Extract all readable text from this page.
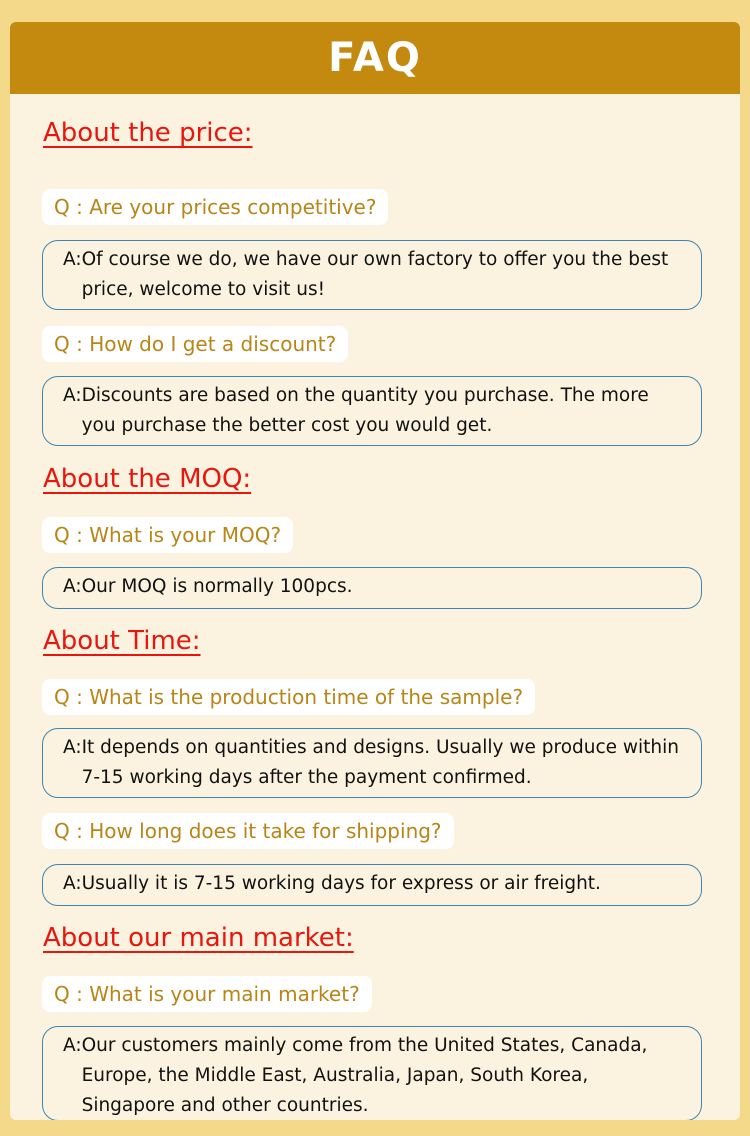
FAQ
About the price:
Q : Are your prices competitive?
A: Of course we do, we have our own factory to offer you the best price, welcome to visit us!
Q : How do I get a discount?
A: Discounts are based on the quantity you purchase. The more you purchase the better cost you would get.
About the MOQ:
Q : What is your MOQ?
A: Our MOQ is normally 100pcs.
About Time:
Q : What is the production time of the sample?
A: It depends on quantities and designs. Usually we produce within 7-15 working days after the payment confirmed.
Q : How long does it take for shipping?
A: Usually it is 7-15 working days for express or air freight.
About our main market:
Q : What is your main market?
A: Our customers mainly come from the United States, Canada, Europe, the Middle East, Australia, Japan, South Korea, Singapore and other countries.
